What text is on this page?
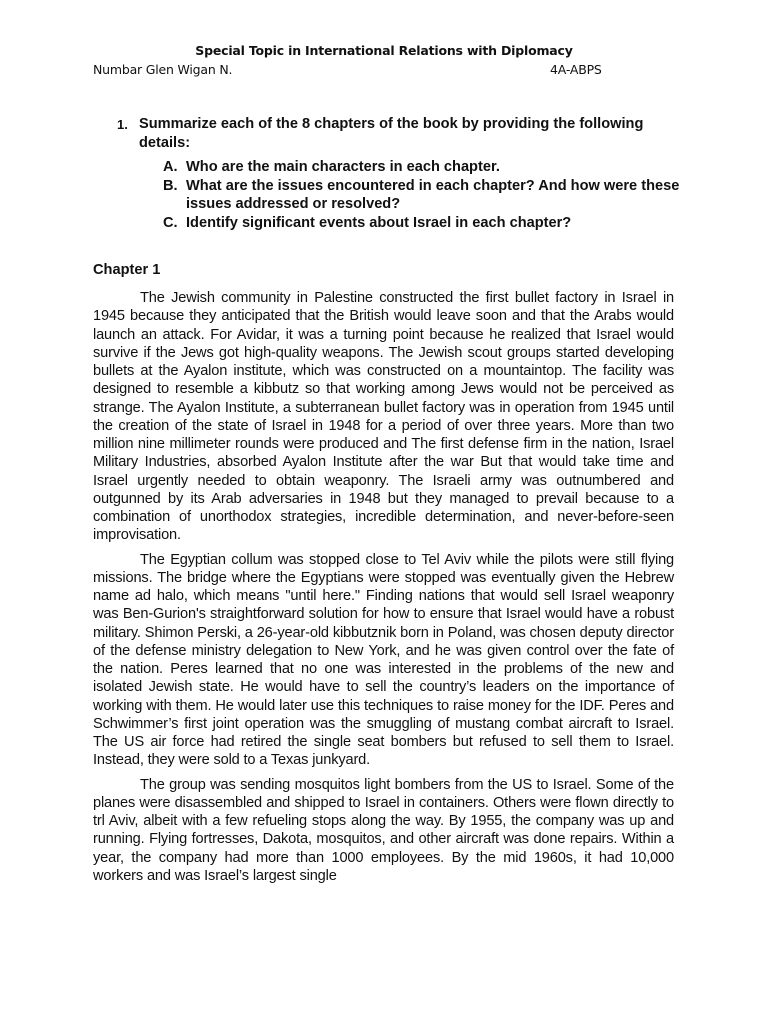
Special Topic in International Relations with Diplomacy
Numbar Glen Wigan N.	4A-ABPS
1. Summarize each of the 8 chapters of the book by providing the following details:
A. Who are the main characters in each chapter.
B. What are the issues encountered in each chapter? And how were these issues addressed or resolved?
C. Identify significant events about Israel in each chapter?
Chapter 1

The Jewish community in Palestine constructed the first bullet factory in Israel in 1945 because they anticipated that the British would leave soon and that the Arabs would launch an attack. For Avidar, it was a turning point because he realized that Israel would survive if the Jews got high-quality weapons. The Jewish scout groups started developing bullets at the Ayalon institute, which was constructed on a mountaintop. The facility was designed to resemble a kibbutz so that working among Jews would not be perceived as strange. The Ayalon Institute, a subterranean bullet factory was in operation from 1945 until the creation of the state of Israel in 1948 for a period of over three years. More than two million nine millimeter rounds were produced and The first defense firm in the nation, Israel Military Industries, absorbed Ayalon Institute after the war But that would take time and Israel urgently needed to obtain weaponry. The Israeli army was outnumbered and outgunned by its Arab adversaries in 1948 but they managed to prevail because to a combination of unorthodox strategies, incredible determination, and never-before-seen improvisation.

The Egyptian collum was stopped close to Tel Aviv while the pilots were still flying missions. The bridge where the Egyptians were stopped was eventually given the Hebrew name ad halo, which means "until here." Finding nations that would sell Israel weaponry was Ben-Gurion's straightforward solution for how to ensure that Israel would have a robust military. Shimon Perski, a 26-year-old kibbutznik born in Poland, was chosen deputy director of the defense ministry delegation to New York, and he was given control over the fate of the nation. Peres learned that no one was interested in the problems of the new and isolated Jewish state. He would have to sell the country’s leaders on the importance of working with them. He would later use this techniques to raise money for the IDF. Peres and Schwimmer’s first joint operation was the smuggling of mustang combat aircraft to Israel. The US air force had retired the single seat bombers but refused to sell them to Israel. Instead, they were sold to a Texas junkyard.

The group was sending mosquitos light bombers from the US to Israel. Some of the planes were disassembled and shipped to Israel in containers. Others were flown directly to trl Aviv, albeit with a few refueling stops along the way. By 1955, the company was up and running. Flying fortresses, Dakota, mosquitos, and other aircraft was done repairs. Within a year, the company had more than 1000 employees. By the mid 1960s, it had 10,000 workers and was Israel’s largest single
